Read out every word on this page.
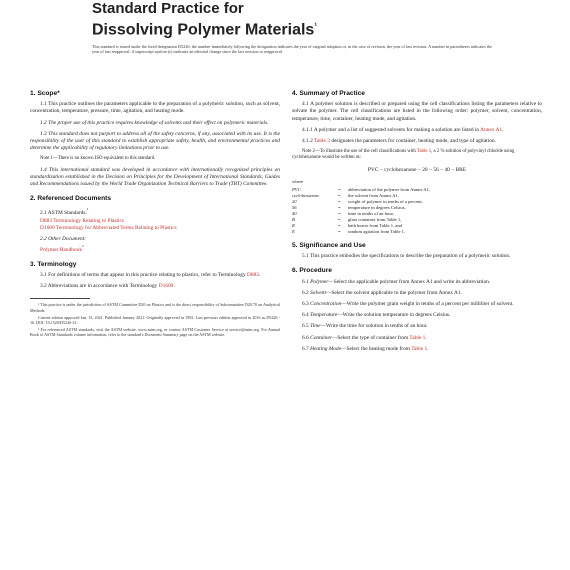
Standard Practice for
Dissolving Polymer Materials$^{^1}$
This standard is issued under the fixed designation D5226; the number immediately following the designation indicates the year of original adoption or, in the case of revision, the year of last revision. A number in parentheses indicates the year of last reapproval. A superscript epsilon (ε) indicates an editorial change since the last revision or reapproval.
1. Scope*

1.1 This practice outlines the parameters applicable to the preparation of a polymeric solution, such as solvent, concentration, temperature, pressure, time, agitation, and heating mode.

1.2 The proper use of this practice requires knowledge of solvents and their effect on polymeric materials.

1.3 This standard does not purport to address all of the safety concerns, if any, associated with its use. It is the responsibility of the user of this standard to establish appropriate safety, health, and environmental practices and determine the applicability of regulatory limitations prior to use.

Note 1—There is no known ISO equivalent to this standard.

1.4 This international standard was developed in accordance with internationally recognized principles on standardization established in the Decision on Principles for the Development of International Standards, Guides and Recommendations issued by the World Trade Organization Technical Barriers to Trade (TBT) Committee.

2. Referenced Documents

2.1 ASTM Standards:$^{^2}$

D883 Terminology Relating to Plastics
D1600 Terminology for Abbreviated Terms Relating to Plastics

2.2 Other Document:

Polymer Handbook$^{^3}$
3. Terminology

3.1 For definitions of terms that appear in this practice relating to plastics, refer to Terminology D883.

3.2 Abbreviations are in accordance with Terminology D1600.

¹ This practice is under the jurisdiction of ASTM Committee D20 on Plastics and is the direct responsibility of Subcommittee D20.70 on Analytical Methods.

Current edition approved Jan. 15, 2021. Published January 2021. Originally approved in 1992. Last previous edition approved in 2016 as D5226 - 16. DOI: 10.1520/D5226-21.

² For referenced ASTM standards, visit the ASTM website, www.astm.org, or contact ASTM Customer Service at service@astm.org. For Annual Book of ASTM Standards volume information, refer to the standard's Document Summary page on the ASTM website.

4. Summary of Practice

4.1 A polymer solution is described or prepared using the cell classifications listing the parameters relative to solvate the polymer. The cell classifications are listed in the following order: polymer, solvent, concentration, temperature, time, container, heating mode, and agitation.

4.1.1 A polymer and a list of suggested solvents for making a solution are listed in Annex A1.

4.1.2 Table 3 designates the parameters for container, heating mode, and type of agitation.

Note 2—To illustrate the use of the cell classifications with Table 1, a 2 % solution of polyvinyl chloride using cyclohexanone would be written as:

PVC − cyclohexanone − 20 − 56 − 40 − BRE
where
PVC	=	abbreviation of the polymer from Annex A1,
cyclohexanone	=	the solvent from Annex A1,
20	=	weight of polymer in tenths of a percent,
56	=	temperature in degrees Celsius,
40	=	time in tenths of an hour,
B	=	glass container from Table 1,
R	=	bath heater from Table 1, and
E	=	random agitation from Table 1.
5. Significance and Use

5.1 This practice embodies the specifications to describe the preparation of a polymeric solution.

6. Procedure

6.1 Polymer—Select the applicable polymer from Annex A1 and write its abbreviation.

6.2 Solvent—Select the solvent applicable to the polymer from Annex A1.

6.3 Concentration—Write the polymer gram weight in tenths of a percent per milliliter of solvent.

6.4 Temperature—Write the solution temperature in degrees Celsius.

6.5 Time—Write the time for solution in tenths of an hour.

6.6 Container—Select the type of container from Table 1.

6.7 Heating Mode—Select the heating mode from Table 1.
